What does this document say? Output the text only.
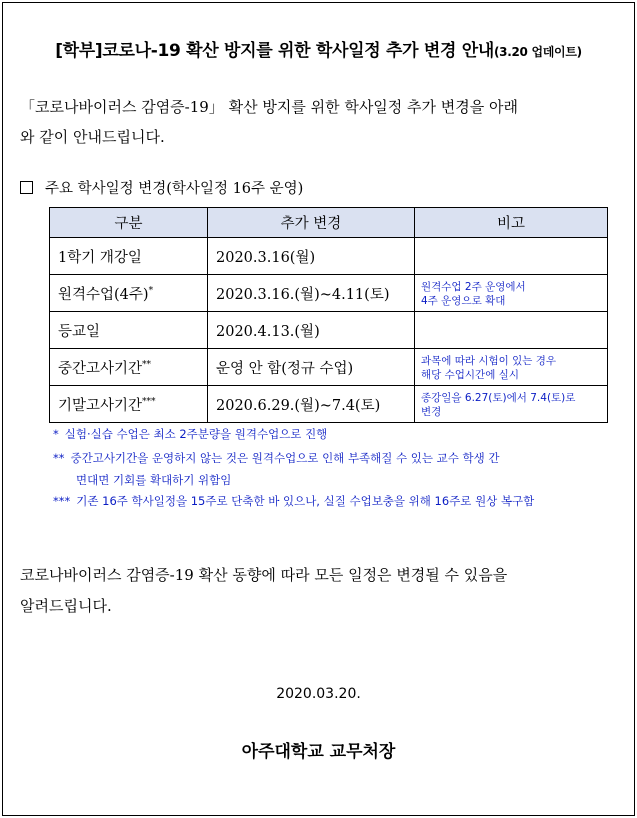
[학부]코로나-19 확산 방지를 위한 학사일정 추가 변경 안내(3.20 업데이트)
「코로나바이러스 감염증-19」 확산 방지를 위한 학사일정 추가 변경을 아래
와 같이 안내드립니다.
주요 학사일정 변경(학사일정 16주 운영)
구분	추가 변경	비고
1학기 개강일	2020.3.16(월)	

원격수업(4주)*	2020.3.16.(월)~4.11(토)	원격수업 2주 운영에서
4주 운영으로 확대

등교일	2020.4.13.(월)	

중간고사기간**	운영 안 함(정규 수업)	과목에 따라 시험이 있는 경우
해당 수업시간에 실시

기말고사기간***	2020.6.29.(월)~7.4(토)	종강일을 6.27(토)에서 7.4(토)로
변경
* 실험·실습 수업은 최소 2주분량을 원격수업으로 진행
** 중간고사기간을 운영하지 않는 것은 원격수업으로 인해 부족해질 수 있는 교수 학생 간
면대면 기회를 확대하기 위함임
*** 기존 16주 학사일정을 15주로 단축한 바 있으나, 실질 수업보충을 위해 16주로 원상 복구함
코로나바이러스 감염증-19 확산 동향에 따라 모든 일정은 변경될 수 있음을
알려드립니다.
2020.03.20.
아주대학교 교무처장
